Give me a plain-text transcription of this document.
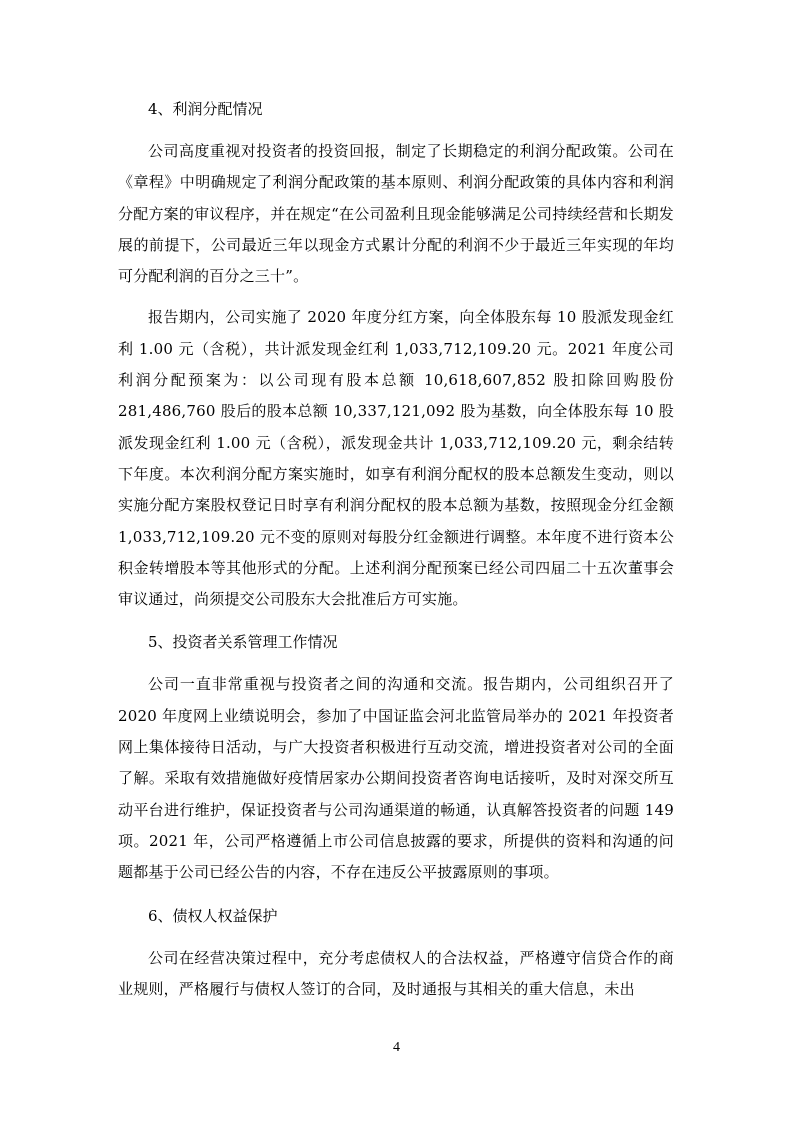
4、利润分配情况

公司高度重视对投资者的投资回报，制定了长期稳定的利润分配政策。公司在《章程》中明确规定了利润分配政策的基本原则、利润分配政策的具体内容和利润分配方案的审议程序，并在规定“在公司盈利且现金能够满足公司持续经营和长期发展的前提下，公司最近三年以现金方式累计分配的利润不少于最近三年实现的年均可分配利润的百分之三十”。

报告期内，公司实施了 2020 年度分红方案，向全体股东每 10 股派发现金红利 1.00 元（含税），共计派发现金红利 1,033,712,109.20 元。2021 年度公司利润分配预案为：以公司现有股本总额 10,618,607,852 股扣除回购股份 281,486,760 股后的股本总额 10,337,121,092 股为基数，向全体股东每 10 股派发现金红利 1.00 元（含税），派发现金共计 1,033,712,109.20 元，剩余结转下年度。本次利润分配方案实施时，如享有利润分配权的股本总额发生变动，则以实施分配方案股权登记日时享有利润分配权的股本总额为基数，按照现金分红金额 1,033,712,109.20 元不变的原则对每股分红金额进行调整。本年度不进行资本公积金转增股本等其他形式的分配。上述利润分配预案已经公司四届二十五次董事会审议通过，尚须提交公司股东大会批准后方可实施。

5、投资者关系管理工作情况

公司一直非常重视与投资者之间的沟通和交流。报告期内，公司组织召开了 2020 年度网上业绩说明会，参加了中国证监会河北监管局举办的 2021 年投资者网上集体接待日活动，与广大投资者积极进行互动交流，增进投资者对公司的全面了解。采取有效措施做好疫情居家办公期间投资者咨询电话接听，及时对深交所互动平台进行维护，保证投资者与公司沟通渠道的畅通，认真解答投资者的问题 149 项。2021 年，公司严格遵循上市公司信息披露的要求，所提供的资料和沟通的问题都基于公司已经公告的内容，不存在违反公平披露原则的事项。

6、债权人权益保护

公司在经营决策过程中，充分考虑债权人的合法权益，严格遵守信贷合作的商业规则，严格履行与债权人签订的合同，及时通报与其相关的重大信息，未出

4
